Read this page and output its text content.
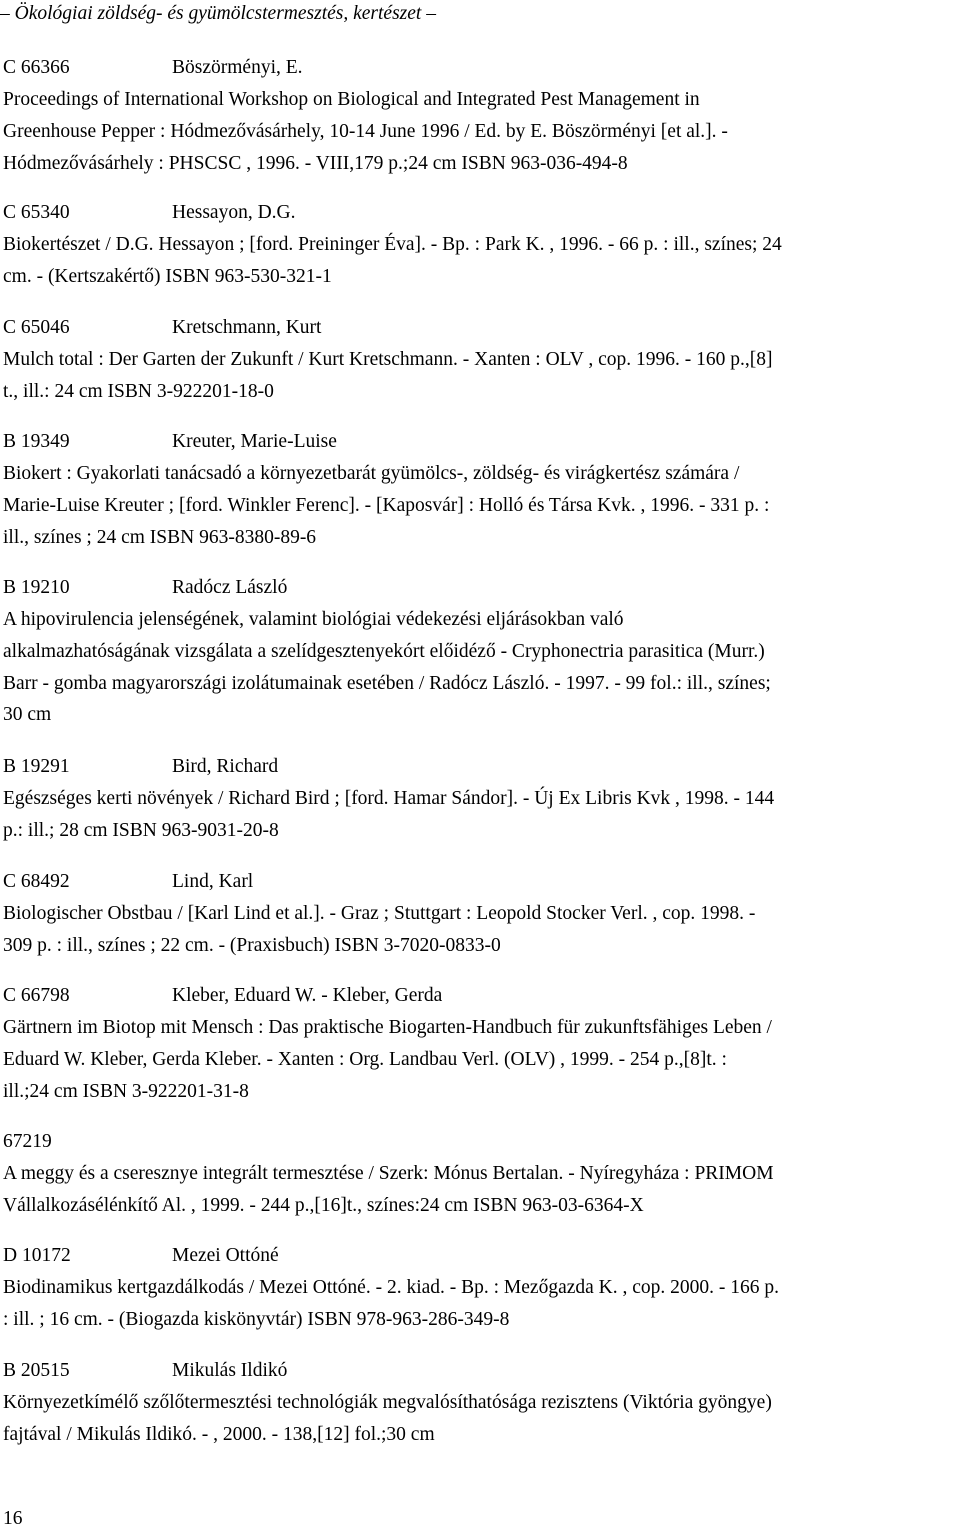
– Ökológiai zöldség- és gyümölcstermesztés, kertészet –
C 66366	Böszörményi, E.
Proceedings of International Workshop on Biological and Integrated Pest Management in
Greenhouse Pepper : Hódmezővásárhely, 10-14 June 1996 / Ed. by E. Böszörményi [et al.]. -
Hódmezővásárhely : PHSCSC , 1996. - VIII,179 p.;24 cm ISBN 963-036-494-8
C 65340	Hessayon, D.G.
Biokertészet / D.G. Hessayon ; [ford. Preininger Éva]. - Bp. : Park K. , 1996. - 66 p. : ill., színes; 24
cm. - (Kertszakértő) ISBN 963-530-321-1
C 65046	Kretschmann, Kurt
Mulch total : Der Garten der Zukunft / Kurt Kretschmann. - Xanten : OLV , cop. 1996. - 160 p.,[8]
t., ill.: 24 cm ISBN 3-922201-18-0
B 19349	Kreuter, Marie-Luise
Biokert : Gyakorlati tanácsadó a környezetbarát gyümölcs-, zöldség- és virágkertész számára /
Marie-Luise Kreuter ; [ford. Winkler Ferenc]. - [Kaposvár] : Holló és Társa Kvk. , 1996. - 331 p. :
ill., színes ; 24 cm ISBN 963-8380-89-6
B 19210	Radócz László
A hipovirulencia jelenségének, valamint biológiai védekezési eljárásokban való
alkalmazhatóságának vizsgálata a szelídgesztenyekórt előidéző - Cryphonectria parasitica (Murr.)
Barr - gomba magyarországi izolátumainak esetében / Radócz László. - 1997. - 99 fol.: ill., színes;
30 cm
B 19291	Bird, Richard
Egészséges kerti növények / Richard Bird ; [ford. Hamar Sándor]. - Új Ex Libris Kvk , 1998. - 144
p.: ill.; 28 cm ISBN 963-9031-20-8
C 68492	Lind, Karl
Biologischer Obstbau / [Karl Lind et al.]. - Graz ; Stuttgart : Leopold Stocker Verl. , cop. 1998. -
309 p. : ill., színes ; 22 cm. - (Praxisbuch) ISBN 3-7020-0833-0
C 66798	Kleber, Eduard W. - Kleber, Gerda
Gärtnern im Biotop mit Mensch : Das praktische Biogarten-Handbuch für zukunftsfähiges Leben /
Eduard W. Kleber, Gerda Kleber. - Xanten : Org. Landbau Verl. (OLV) , 1999. - 254 p.,[8]t. :
ill.;24 cm ISBN 3-922201-31-8
67219
A meggy és a cseresznye integrált termesztése / Szerk: Mónus Bertalan. - Nyíregyháza : PRIMOM
Vállalkozásélénkítő Al. , 1999. - 244 p.,[16]t., színes:24 cm ISBN 963-03-6364-X
D 10172	Mezei Ottóné
Biodinamikus kertgazdálkodás / Mezei Ottóné. - 2. kiad. - Bp. : Mezőgazda K. , cop. 2000. - 166 p.
: ill. ; 16 cm. - (Biogazda kiskönyvtár) ISBN 978-963-286-349-8
B 20515	Mikulás Ildikó
Környezetkímélő szőlőtermesztési technológiák megvalósíthatósága rezisztens (Viktória gyöngye)
fajtával / Mikulás Ildikó. - , 2000. - 138,[12] fol.;30 cm
16
